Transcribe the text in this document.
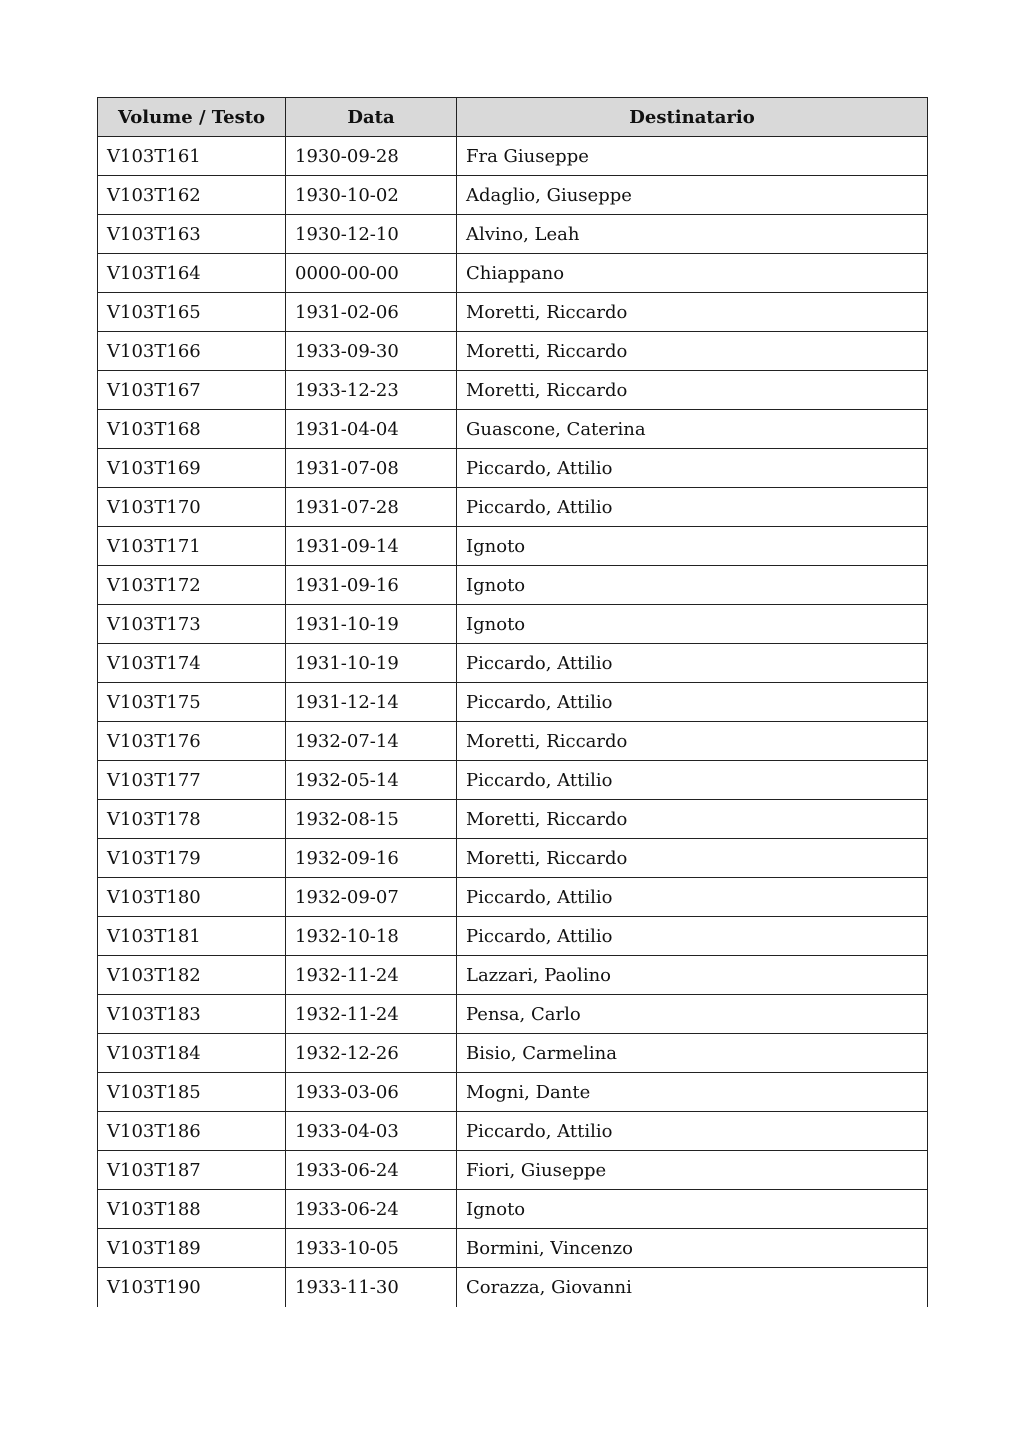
Volume / Testo	Data	Destinatario
V103T161	1930-09-28	Fra Giuseppe
V103T162	1930-10-02	Adaglio, Giuseppe
V103T163	1930-12-10	Alvino, Leah
V103T164	0000-00-00	Chiappano
V103T165	1931-02-06	Moretti, Riccardo
V103T166	1933-09-30	Moretti, Riccardo
V103T167	1933-12-23	Moretti, Riccardo
V103T168	1931-04-04	Guascone, Caterina
V103T169	1931-07-08	Piccardo, Attilio
V103T170	1931-07-28	Piccardo, Attilio
V103T171	1931-09-14	Ignoto
V103T172	1931-09-16	Ignoto
V103T173	1931-10-19	Ignoto
V103T174	1931-10-19	Piccardo, Attilio
V103T175	1931-12-14	Piccardo, Attilio
V103T176	1932-07-14	Moretti, Riccardo
V103T177	1932-05-14	Piccardo, Attilio
V103T178	1932-08-15	Moretti, Riccardo
V103T179	1932-09-16	Moretti, Riccardo
V103T180	1932-09-07	Piccardo, Attilio
V103T181	1932-10-18	Piccardo, Attilio
V103T182	1932-11-24	Lazzari, Paolino
V103T183	1932-11-24	Pensa, Carlo
V103T184	1932-12-26	Bisio, Carmelina
V103T185	1933-03-06	Mogni, Dante
V103T186	1933-04-03	Piccardo, Attilio
V103T187	1933-06-24	Fiori, Giuseppe
V103T188	1933-06-24	Ignoto
V103T189	1933-10-05	Bormini, Vincenzo
V103T190	1933-11-30	Corazza, Giovanni
